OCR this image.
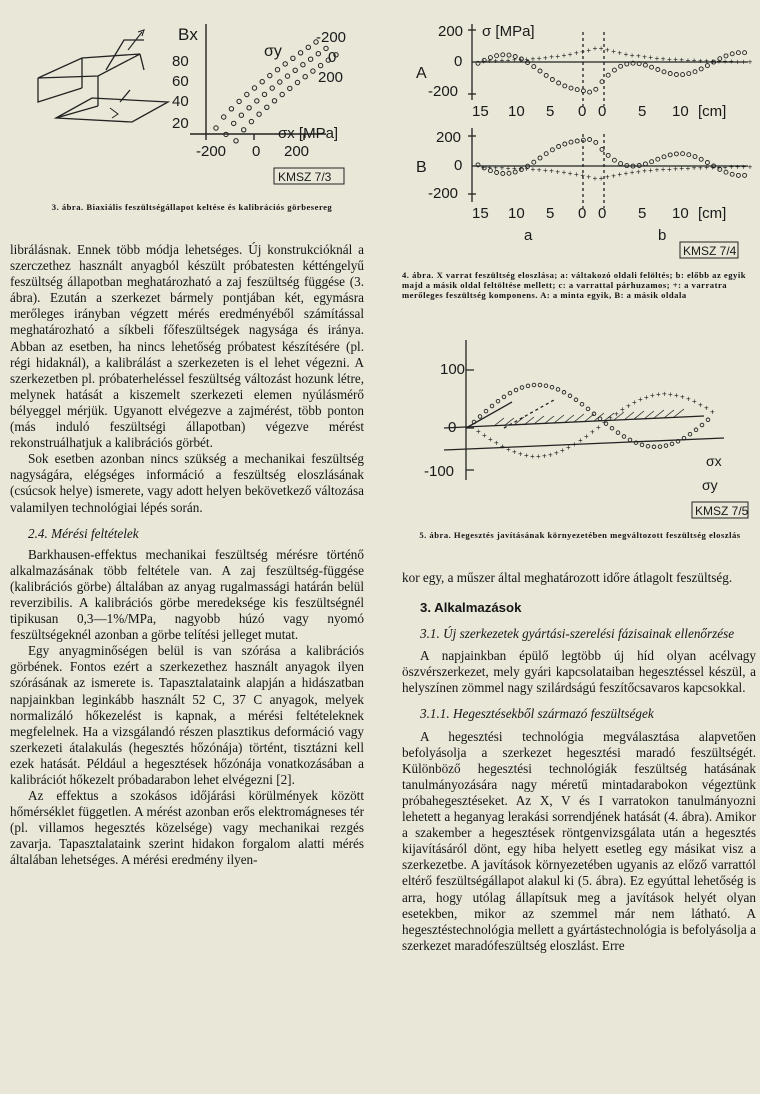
Bx
80
60
40
20
-200 0 200
σx [MPa]
σy
-200
0
200
KMSZ 7/3
3. ábra. Biaxiális feszültségállapot keltése és kalibrációs görbesereg
σ [MPa]
200
0
-200
A
+ + + + + + + + + + + + + + + + + + + + + + + + + + + + + + + + + + + + + + + + + + + +
15 10 5 0 0 5 10 [cm]
200
0
-200
B	+ + + + + + + + + + + + + + + + + + + + + + + + + + + + + + + + + + + + + + + + + + + +
15 10 5 0 0 5 10 [cm]
a	b
KMSZ 7/4
4. ábra. X varrat feszültség eloszlása; a: váltakozó oldali felöltés; b: előbb az egyik majd a másik oldal feltöltése mellett; c: a varrattal párhuzamos; +: a varratra merőleges feszültség komponens. A: a minta egyik, B: a másik oldala
100
0
-100
+ + + + + + + + + + + + + + + + + + + +
+
+ + + + + + + + + + + + + + + + + + +
σx
σy
KMSZ 7/5
5. ábra. Hegesztés javításának környezetében megváltozott feszültség eloszlás

librálásnak. Ennek több módja lehetséges. Új konstrukcióknál a szerczethez használt anyagból készült próbatesten kétténgelyű feszültség állapotban meghatározható a zaj feszültség függése (3. ábra). Ezután a szerkezet bármely pontjában két, egymásra merőleges irányban végzett mérés eredményéből számítással meghatározható a síkbeli főfeszültségek nagysága és iránya. Abban az esetben, ha nincs lehetőség próbatest készítésére (pl. régi hidaknál), a kalibrálást a szerkezeten is el lehet végezni. A szerkezetben pl. próbaterheléssel feszültség változást hozunk létre, melynek hatását a kiszemelt szerkezeti elemen nyúlásmérő bélyeggel mérjük. Ugyanott elvégezve a zajmérést, több ponton (más induló feszültségi állapotban) végezve mérést rekonstruálhatjuk a kalibrációs görbét.

Sok esetben azonban nincs szükség a mechanikai feszültség nagyságára, elégséges információ a feszültség eloszlásának (csúcsok helye) ismerete, vagy adott helyen bekövetkező változása valamilyen technológiai lépés során.

2.4. Mérési feltételek

Barkhausen-effektus mechanikai feszültség mérésre történő alkalmazásának több feltétele van. A zaj feszültség-függése (kalibrációs görbe) általában az anyag rugalmassági határán belül reverzibilis. A kalibrációs görbe meredeksége kis feszültségnél tipikusan 0,3—1%/MPa, nagyobb húzó vagy nyomó feszültségeknél azonban a görbe telítési jelleget mutat.

Egy anyagminőségen belül is van szórása a kalibrációs görbének. Fontos ezért a szerkezethez használt anyagok ilyen szórásának az ismerete is. Tapasztalataink alapján a hidászatban napjainkban leginkább használt 52 C, 37 C anyagok, melyek normalizáló hőkezelést is kapnak, a mérési feltételeknek megfelelnek. Ha a vizsgálandó részen plasztikus deformáció vagy szerkezeti átalakulás (hegesztés hőzónája) történt, tisztázni kell ezek hatását. Például a hegesztések hőzónája vonatkozásában a kalibrációt hőkezelt próbadarabon lehet elvégezni [2].

Az effektus a szokásos időjárási körülmények között hőmérséklet független. A mérést azonban erős elektromágneses tér (pl. villamos hegesztés közelsége) vagy mechanikai rezgés zavarja. Tapasztalataink szerint hidakon forgalom alatti mérés általában lehetséges. A mérési eredmény ilyen-

kor egy, a műszer által meghatározott időre átlagolt feszültség.

3. Alkalmazások

3.1. Új szerkezetek gyártási-szerelési fázisainak ellenőrzése

A napjainkban épülő legtöbb új híd olyan acélvagy öszvérszerkezet, mely gyári kapcsolataiban hegesztéssel készül, a helyszínen zömmel nagy szilárdságú feszítőcsavaros kapcsokkal.

3.1.1. Hegesztésekből származó feszültségek

A hegesztési technológia megválasztása alapvetően befolyásolja a szerkezet hegesztési maradó feszültségét. Különböző hegesztési technológiák feszültség hatásának tanulmányozására nagy méretű mintadarabokon végeztünk próbahegesztéseket. Az X, V és I varratokon tanulmányozni lehetett a heganyag lerakási sorrendjének hatását (4. ábra). Amikor a szakember a hegesztések röntgenvizsgálata után a hegesztés kijavításáról dönt, egy hiba helyett esetleg egy másikat visz a szerkezetbe. A javítások környezetében ugyanis az előző varrattól eltérő feszültségállapot alakul ki (5. ábra). Ez egyúttal lehetőség is arra, hogy utólag állapítsuk meg a javítások helyét olyan esetekben, mikor az szemmel már nem látható. A hegesztéstechnológia mellett a gyártástechnológia is befolyásolja a szerkezet maradófeszültség eloszlást. Erre
